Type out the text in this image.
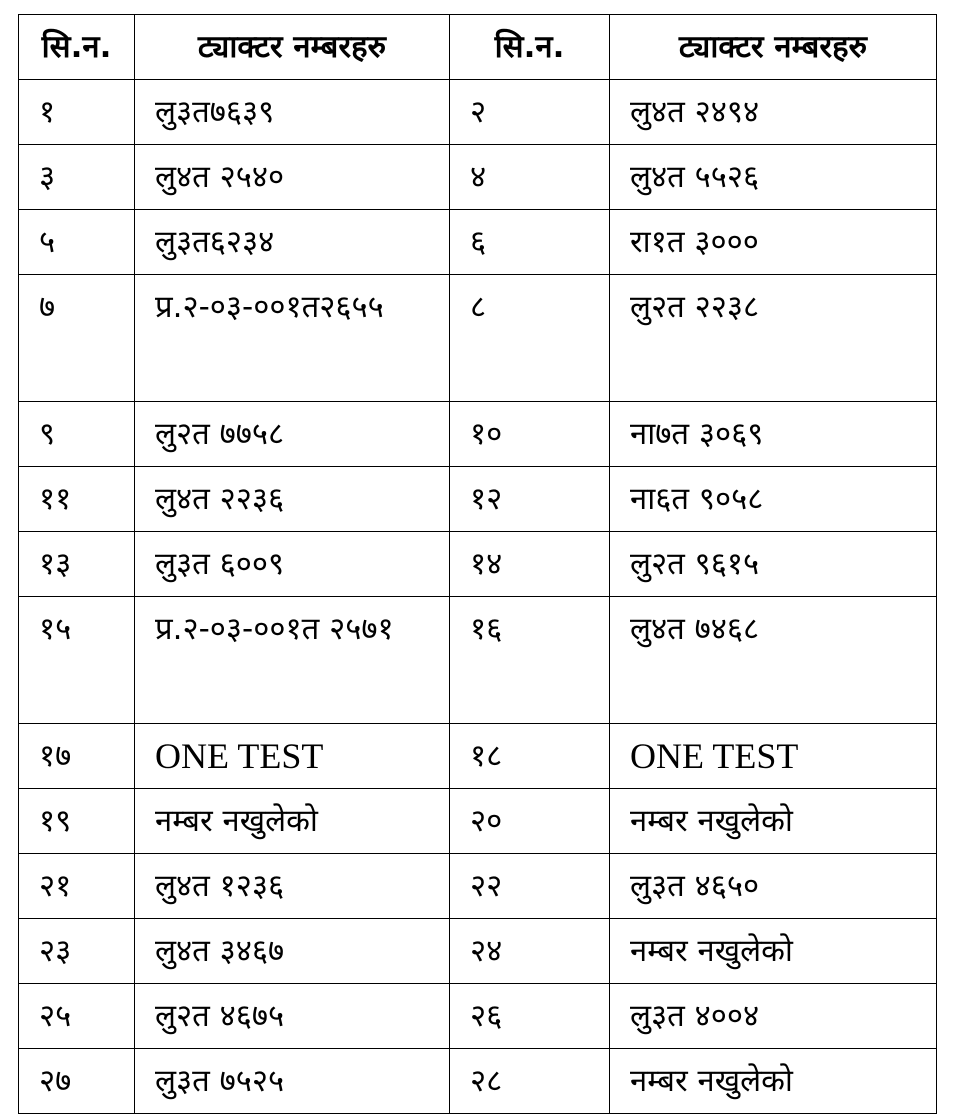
सि.न.	ट्याक्टर नम्बरहरु	सि.न.	ट्याक्टर नम्बरहरु
१	लु३त७६३९	२	लु४त २४९४
३	लु४त २५४०	४	लु४त ५५२६
५	लु३त६२३४	६	रा१त ३०००
७	प्र.२-०३-००१त२६५५	८	लु२त २२३८
९	लु२त ७७५८	१०	ना७त ३०६९
११	लु४त २२३६	१२	ना६त ९०५८
१३	लु३त ६००९	१४	लु२त ९६१५
१५	प्र.२-०३-००१त २५७१	१६	लु४त ७४६८
१७	ONE TEST	१८	ONE TEST
१९	नम्बर नखुलेको	२०	नम्बर नखुलेको
२१	लु४त १२३६	२२	लु३त ४६५०
२३	लु४त ३४६७	२४	नम्बर नखुलेको
२५	लु२त ४६७५	२६	लु३त ४००४
२७	लु३त ७५२५	२८	नम्बर नखुलेको
